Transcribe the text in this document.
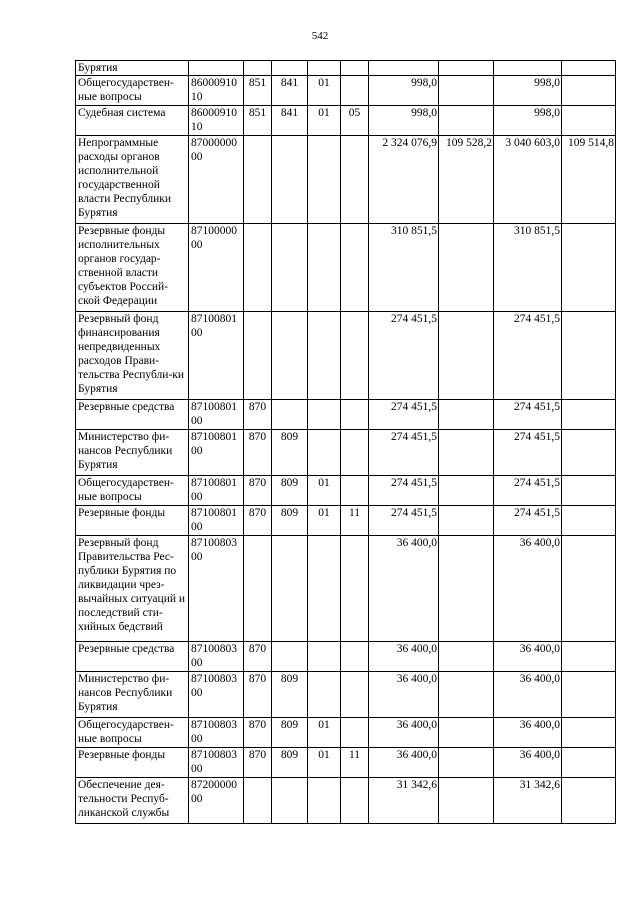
542
Бурятия									
Общегосударствен-ные вопросы	8600091010	851	841	01		998,0		998,0	
Судебная система	8600091010	851	841	01	05	998,0		998,0	
Непрограммные расходы органов исполнительной государственной власти Республики Бурятия	8700000000					2 324 076,9	109 528,2	3 040 603,0	109 514,8
Резервные фонды исполнительных органов государ-ственной власти субъектов Россий-ской Федерации	8710000000					310 851,5		310 851,5	
Резервный фонд финансирования непредвиденных расходов Прави-тельства Республи-ки Бурятия	8710080100					274 451,5		274 451,5	
Резервные средства	8710080100	870				274 451,5		274 451,5	
Министерство фи-нансов Республики Бурятия	8710080100	870	809			274 451,5		274 451,5	
Общегосударствен-ные вопросы	8710080100	870	809	01		274 451,5		274 451,5	
Резервные фонды	8710080100	870	809	01	11	274 451,5		274 451,5	
Резервный фонд Правительства Рес-публики Бурятия по ликвидации чрез-вычайных ситуаций и последствий сти-хийных бедствий	8710080300					36 400,0		36 400,0	
Резервные средства	8710080300	870				36 400,0		36 400,0	
Министерство фи-нансов Республики Бурятия	8710080300	870	809			36 400,0		36 400,0	
Общегосударствен-ные вопросы	8710080300	870	809	01		36 400,0		36 400,0	
Резервные фонды	8710080300	870	809	01	11	36 400,0		36 400,0	
Обеспечение дея-тельности Респуб-ликанской службы	8720000000					31 342,6		31 342,6	
